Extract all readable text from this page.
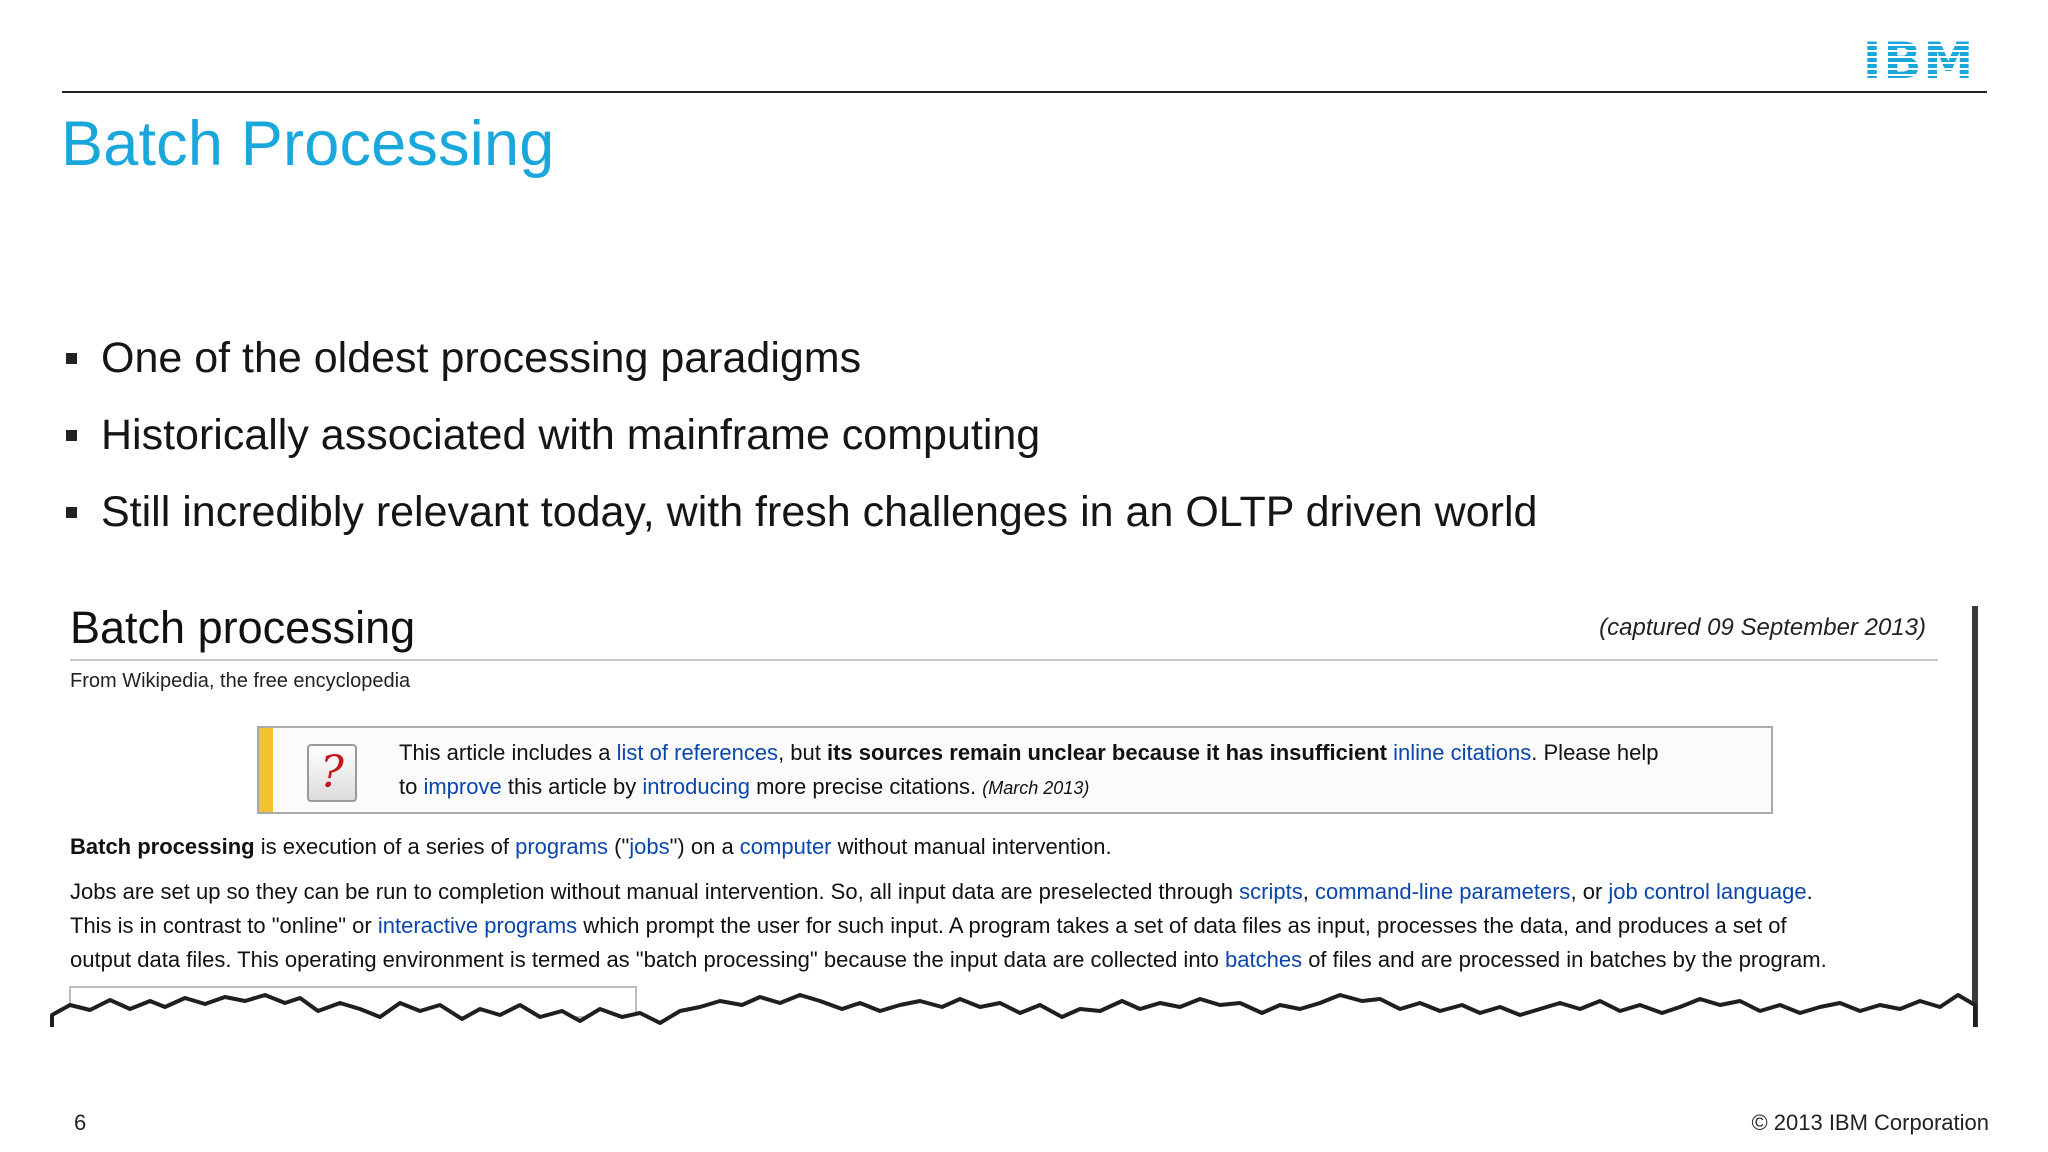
IBM
Batch Processing
One of the oldest processing paradigms
Historically associated with mainframe computing
Still incredibly relevant today, with fresh challenges in an OLTP driven world
Batch processing	(captured 09 September 2013)
From Wikipedia, the free encyclopedia
?	This article includes a list of references, but its sources remain unclear because it has insufficient inline citations. Please help
to improve this article by introducing more precise citations. (March 2013)
Batch processing is execution of a series of programs ("jobs") on a computer without manual intervention.
Jobs are set up so they can be run to completion without manual intervention. So, all input data are preselected through scripts, command-line parameters, or job control language.
This is in contrast to "online" or interactive programs which prompt the user for such input. A program takes a set of data files as input, processes the data, and produces a set of
output data files. This operating environment is termed as "batch processing" because the input data are collected into batches of files and are processed in batches by the program.
6	© 2013 IBM Corporation
